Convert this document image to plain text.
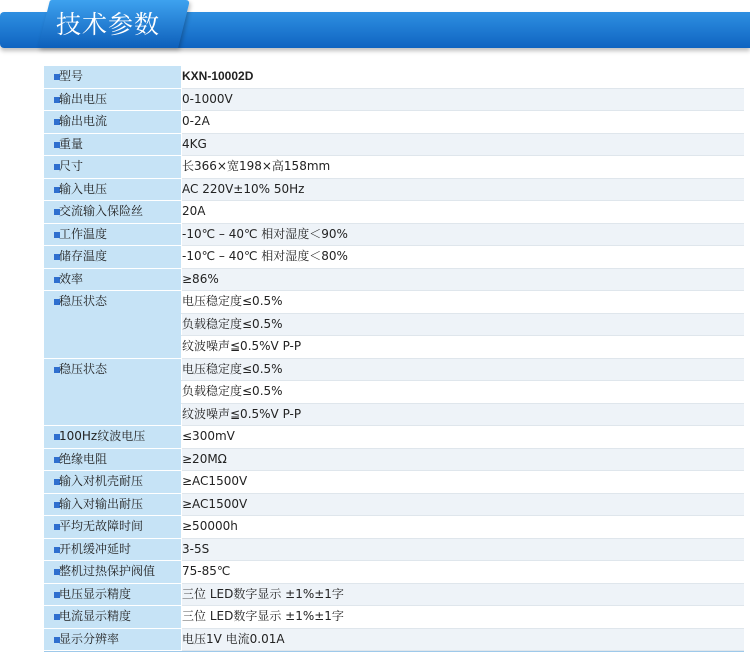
技术参数
型号	KXN-10002D

输出电压	0-1000V

输出电流	0-2A

重量	4KG

尺寸	长366×宽198×高158mm

输入电压	AC 220V±10% 50Hz

交流输入保险丝	20A

工作温度	-10℃ – 40℃ 相对湿度＜90%

储存温度	-10℃ – 40℃ 相对湿度＜80%

效率	≥86%

稳压状态	电压稳定度≤0.5%
	负载稳定度≤0.5%
	纹波噪声≦0.5%V P-P

稳压状态	电压稳定度≤0.5%
	负载稳定度≤0.5%
	纹波噪声≦0.5%V P-P

100Hz纹波电压	≤300mV

绝缘电阻	≥20MΩ

输入对机壳耐压	≥AC1500V

输入对输出耐压	≥AC1500V

平均无故障时间	≥50000h

开机缓冲延时	3-5S

整机过热保护阀值	75-85℃

电压显示精度	三位 LED数字显示 ±1%±1字

电流显示精度	三位 LED数字显示 ±1%±1字

显示分辨率	电压1V 电流0.01A
